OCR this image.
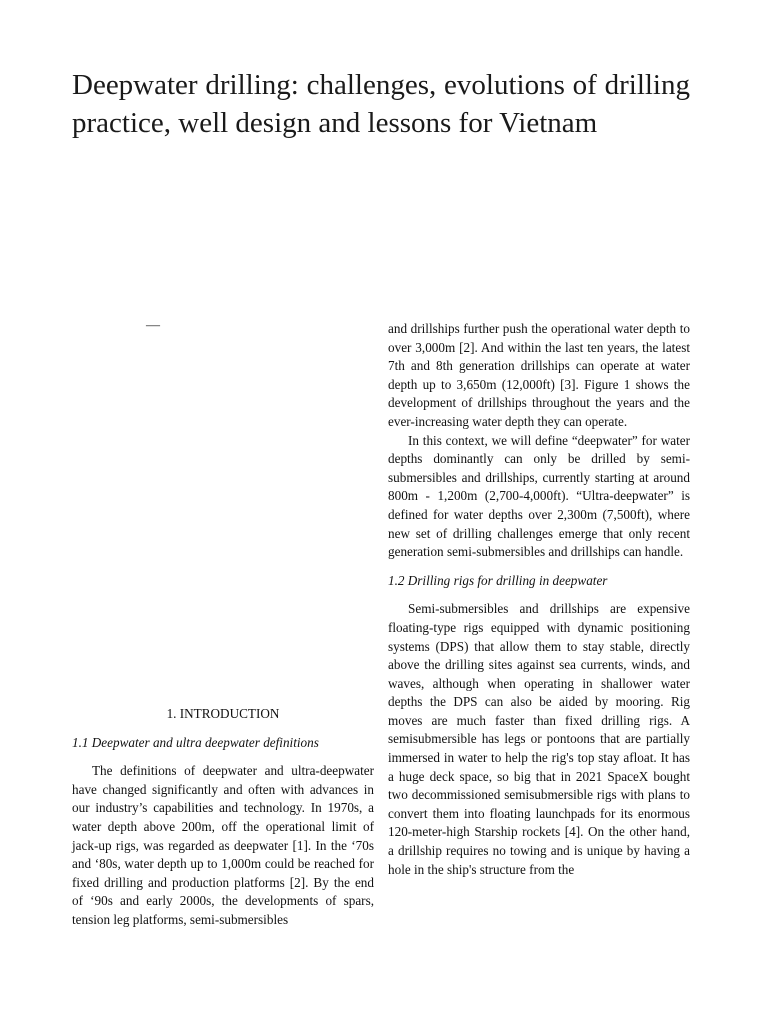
Deepwater drilling: challenges, evolutions of drilling practice, well design and lessons for Vietnam
—

1. INTRODUCTION

1.1 Deepwater and ultra deepwater definitions

The definitions of deepwater and ultra-deepwater have changed significantly and often with advances in our industry’s capabilities and technology. In 1970s, a water depth above 200m, off the operational limit of jack-up rigs, was regarded as deepwater [1]. In the ‘70s and ‘80s, water depth up to 1,000m could be reached for fixed drilling and production platforms [2]. By the end of ‘90s and early 2000s, the developments of spars, tension leg platforms, semi-submersibles

and drillships further push the operational water depth to over 3,000m [2]. And within the last ten years, the latest 7th and 8th generation drillships can operate at water depth up to 3,650m (12,000ft) [3]. Figure 1 shows the development of drillships throughout the years and the ever-increasing water depth they can operate.

In this context, we will define “deepwater” for water depths dominantly can only be drilled by semi-submersibles and drillships, currently starting at around 800m - 1,200m (2,700-4,000ft). “Ultra-deepwater” is defined for water depths over 2,300m (7,500ft), where new set of drilling challenges emerge that only recent generation semi-submersibles and drillships can handle.

1.2 Drilling rigs for drilling in deepwater

Semi-submersibles and drillships are expensive floating-type rigs equipped with dynamic positioning systems (DPS) that allow them to stay stable, directly above the drilling sites against sea currents, winds, and waves, although when operating in shallower water depths the DPS can also be aided by mooring. Rig moves are much faster than fixed drilling rigs. A semisubmersible has legs or pontoons that are partially immersed in water to help the rig's top stay afloat. It has a huge deck space, so big that in 2021 SpaceX bought two decommissioned semisubmersible rigs with plans to convert them into floating launchpads for its enormous 120-meter-high Starship rockets [4]. On the other hand, a drillship requires no towing and is unique by having a hole in the ship's structure from the
